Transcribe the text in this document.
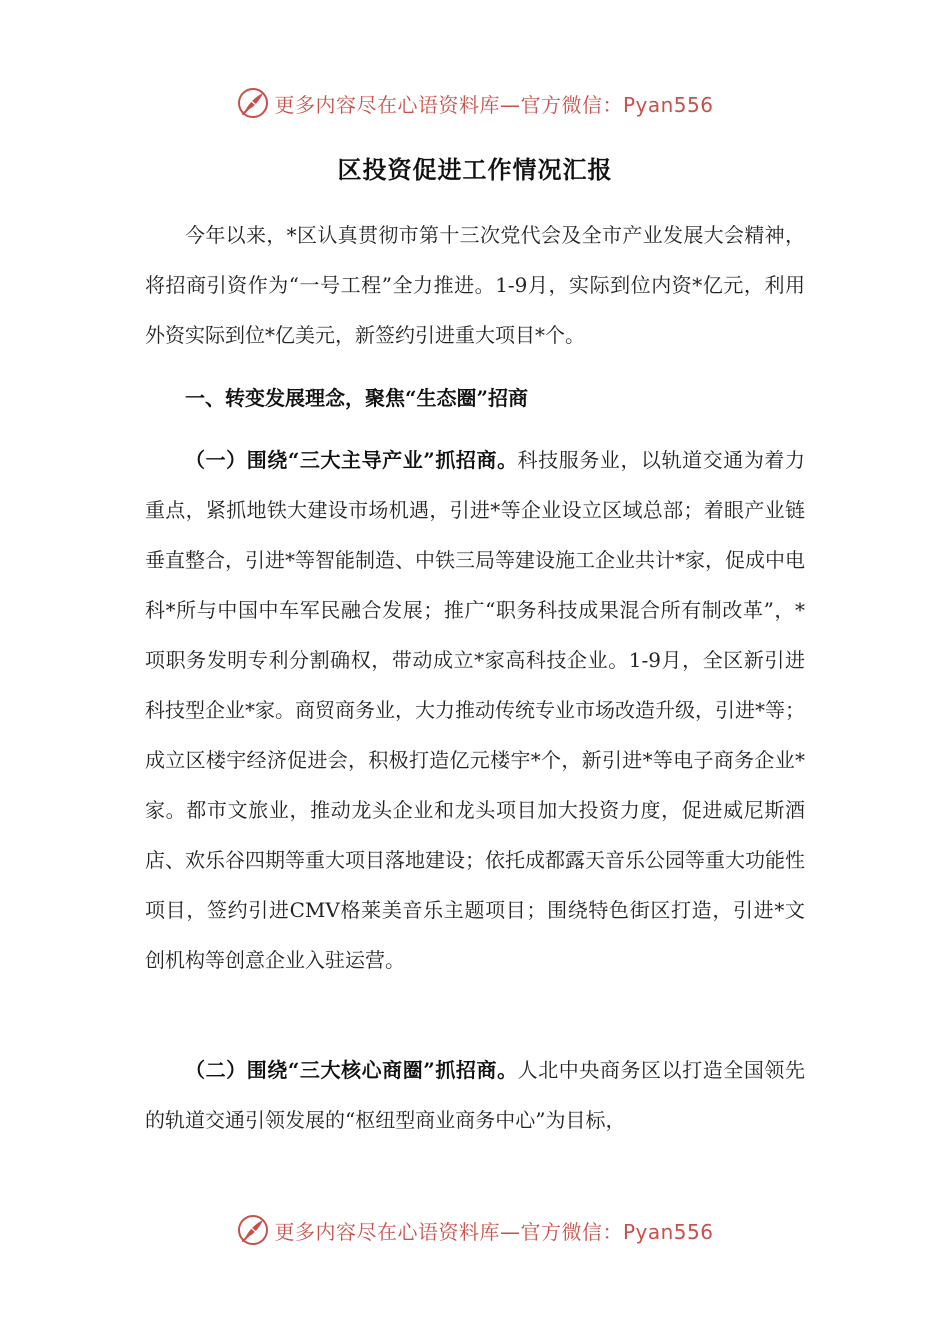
更多内容尽在心语资料库—官方微信：Pyan556
区投资促进工作情况汇报

今年以来，*区认真贯彻市第十三次党代会及全市产业发展大会精神，将招商引资作为“一号工程”全力推进。1-9月，实际到位内资*亿元，利用外资实际到位*亿美元，新签约引进重大项目*个。

一、转变发展理念，聚焦“生态圈”招商

（一）围绕“三大主导产业”抓招商。科技服务业，以轨道交通为着力重点，紧抓地铁大建设市场机遇，引进*等企业设立区域总部；着眼产业链垂直整合，引进*等智能制造、中铁三局等建设施工企业共计*家，促成中电科*所与中国中车军民融合发展；推广“职务科技成果混合所有制改革”，*项职务发明专利分割确权，带动成立*家高科技企业。1-9月，全区新引进科技型企业*家。商贸商务业，大力推动传统专业市场改造升级，引进*等；成立区楼宇经济促进会，积极打造亿元楼宇*个，新引进*等电子商务企业*家。都市文旅业，推动龙头企业和龙头项目加大投资力度，促进威尼斯酒店、欢乐谷四期等重大项目落地建设；依托成都露天音乐公园等重大功能性项目，签约引进CMV格莱美音乐主题项目；围绕特色街区打造，引进*文创机构等创意企业入驻运营。

（二）围绕“三大核心商圈”抓招商。人北中央商务区以打造全国领先的轨道交通引领发展的“枢纽型商业商务中心”为目标，

更多内容尽在心语资料库—官方微信：Pyan556
